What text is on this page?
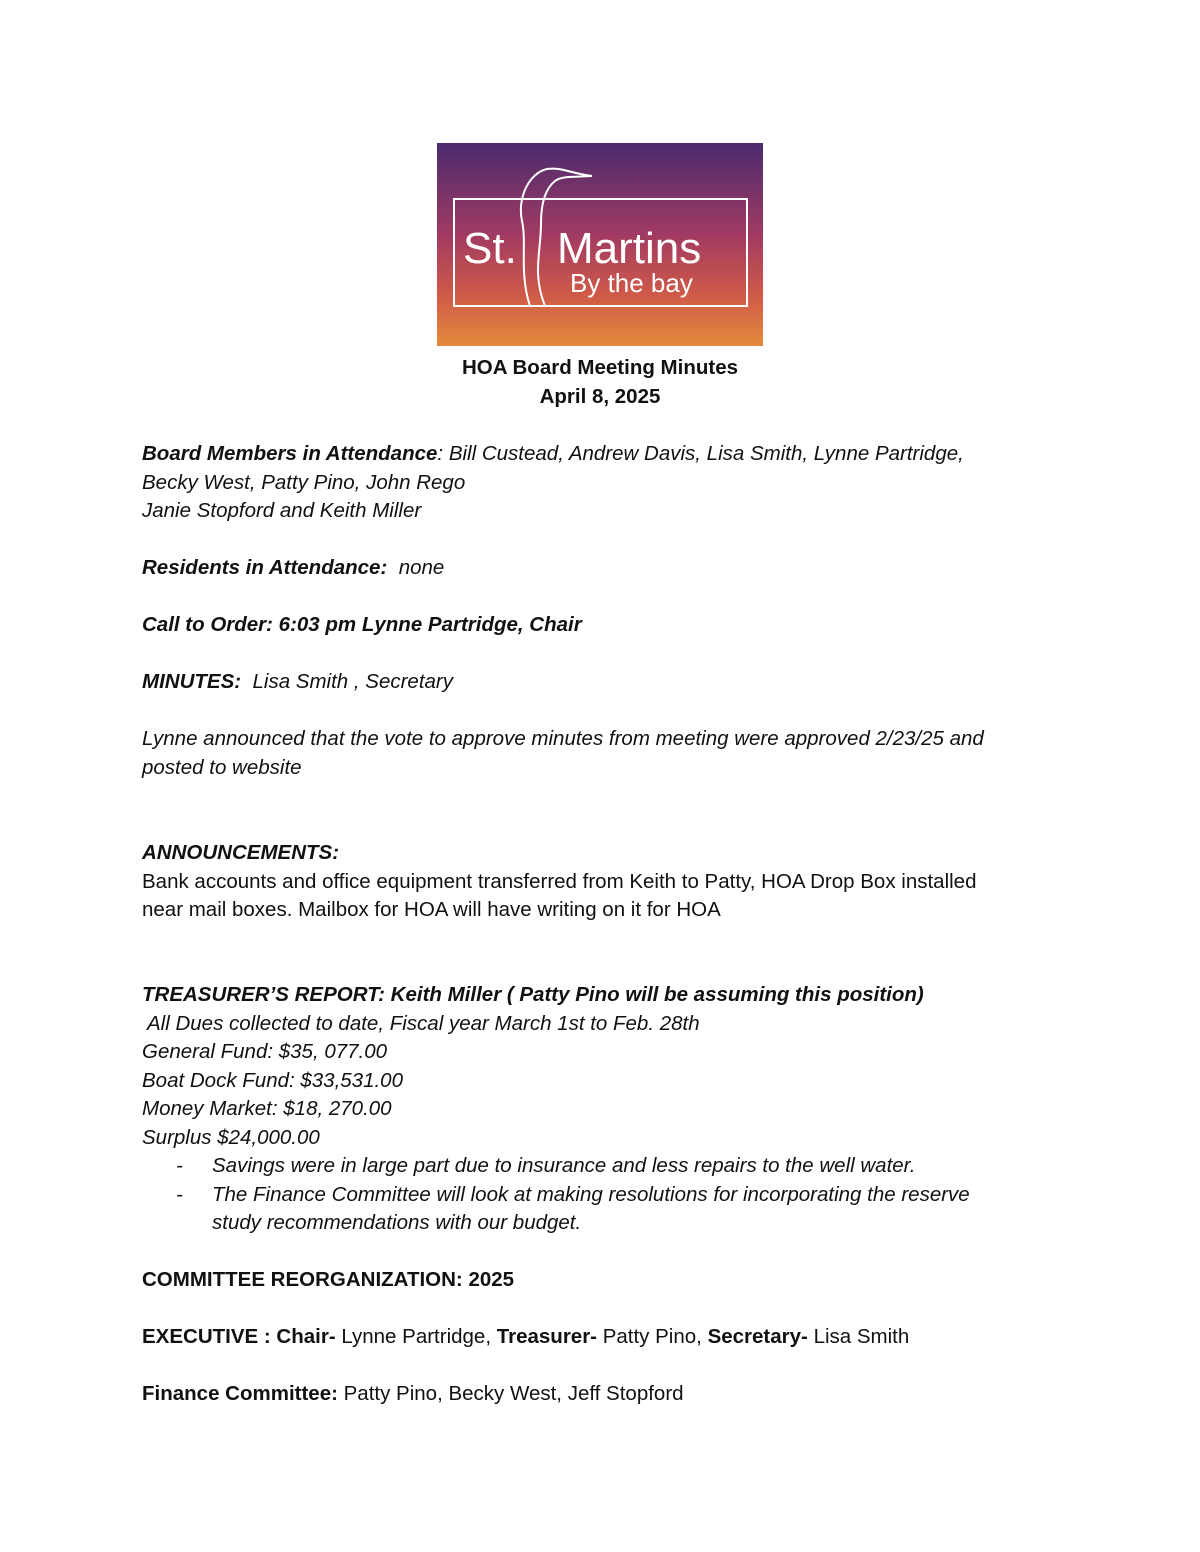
St. Martins
By the bay
HOA Board Meeting Minutes
April 8, 2025
Board Members in Attendance: Bill Custead, Andrew Davis, Lisa Smith, Lynne Partridge,
Becky West, Patty Pino, John Rego
Janie Stopford and Keith Miller
Residents in Attendance: none
Call to Order: 6:03 pm Lynne Partridge, Chair
MINUTES: Lisa Smith , Secretary
Lynne announced that the vote to approve minutes from meeting were approved 2/23/25 and
posted to website
ANNOUNCEMENTS:
Bank accounts and office equipment transferred from Keith to Patty, HOA Drop Box installed
near mail boxes. Mailbox for HOA will have writing on it for HOA
TREASURER’S REPORT: Keith Miller ( Patty Pino will be assuming this position)
All Dues collected to date, Fiscal year March 1st to Feb. 28th
General Fund: $35, 077.00
Boat Dock Fund: $33,531.00
Money Market: $18, 270.00
Surplus $24,000.00
- Savings were in large part due to insurance and less repairs to the well water.
- The Finance Committee will look at making resolutions for incorporating the reserve
study recommendations with our budget.
COMMITTEE REORGANIZATION: 2025
EXECUTIVE : Chair- Lynne Partridge, Treasurer- Patty Pino, Secretary- Lisa Smith
Finance Committee: Patty Pino, Becky West, Jeff Stopford
